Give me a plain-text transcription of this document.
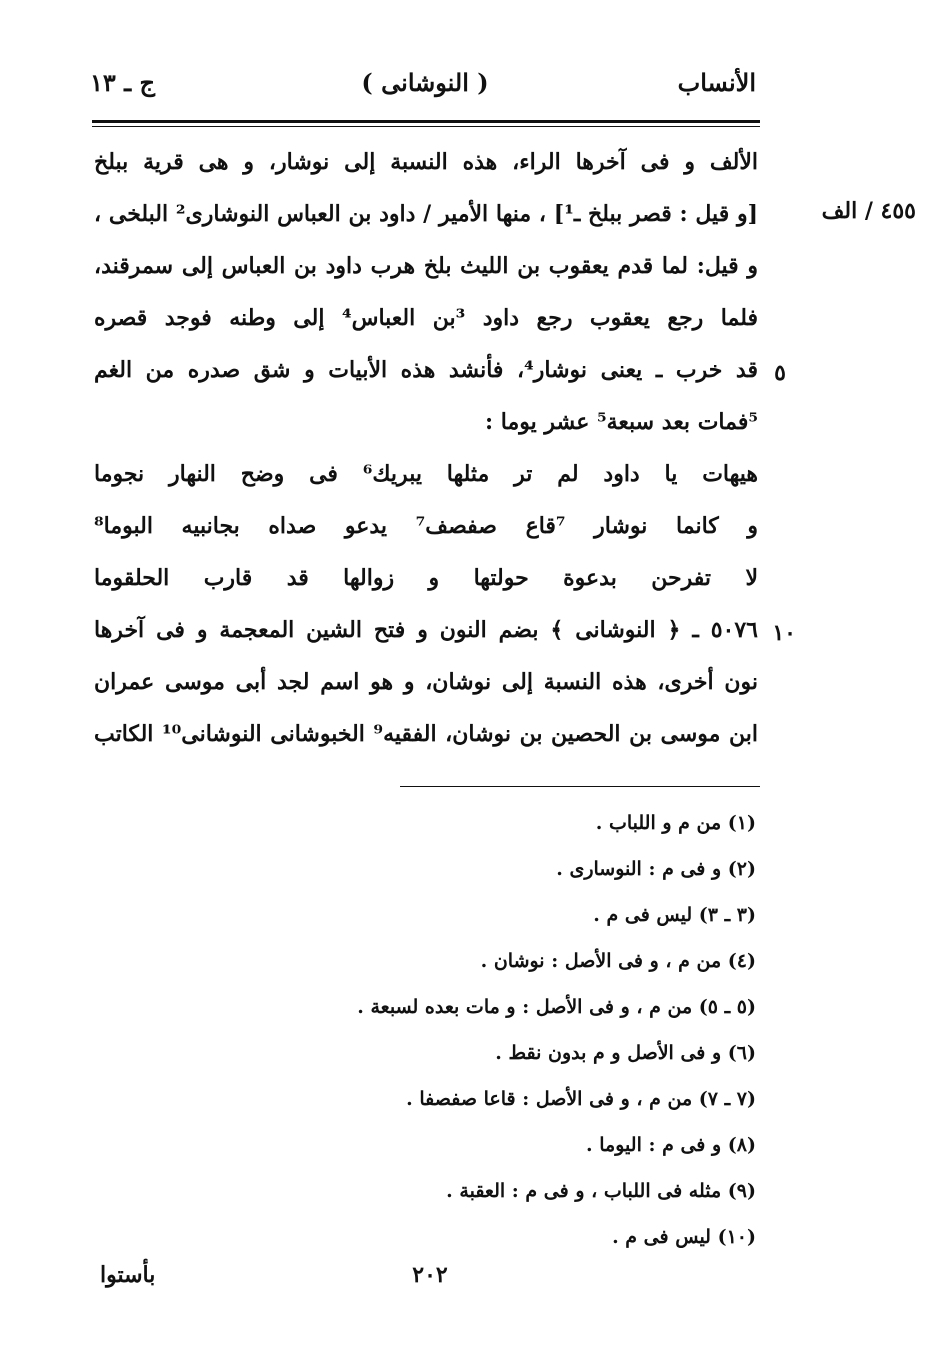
الأنساب
( النوشانى )
ج ـ ١٣
٤٥٥ / الف
٥
١٠
الألف و فى آخرها الراء، هذه النسبة إلى نوشار، و هى قرية ببلخ
[و قيل : قصر ببلخ ـ¹] ، منها الأمير / داود بن العباس النوشارى² البلخى ،
و قيل: لما قدم يعقوب بن الليث بلخ هرب داود بن العباس إلى سمرقند،
فلما رجع يعقوب رجع داود ³بن العباس⁴ إلى وطنه فوجد قصره
قد خرب ـ يعنى نوشار⁴، فأنشد هذه الأبيات و شق صدره من الغم
⁵فمات بعد سبعة⁵ عشر يوما :
هيهات يا داود لم تر مثلها يبريك⁶ فى وضح النهار نجوما
و كانما نوشار ⁷قاع صفصف⁷ يدعو صداه بجانبيه البوما⁸
لا تفرحن بدعوة حولتها و زوالها قد قارب الحلقوما
٥٠٧٦ ـ ﴿ النوشانى ﴾ بضم النون و فتح الشين المعجمة و فى آخرها
نون أخرى، هذه النسبة إلى نوشان، و هو اسم لجد أبى موسى عمران
ابن موسى بن الحصين بن نوشان، الفقيه⁹ الخبوشانى النوشانى¹⁰ الكاتب
(١) من م و اللباب .
(٢) و فى م : النوسارى .
(٣ ـ ٣) ليس فى م .
(٤) من م ، و فى الأصل : نوشان .
(٥ ـ ٥) من م ، و فى الأصل : و مات بعده لسبعة .
(٦) و فى الأصل و م بدون نقط .
(٧ ـ ٧) من م ، و فى الأصل : قاعا صفصفا .
(٨) و فى م : اليوما .
(٩) مثله فى اللباب ، و فى م : العقبة .
(١٠) ليس فى م .
٢٠٢
بأستوا
